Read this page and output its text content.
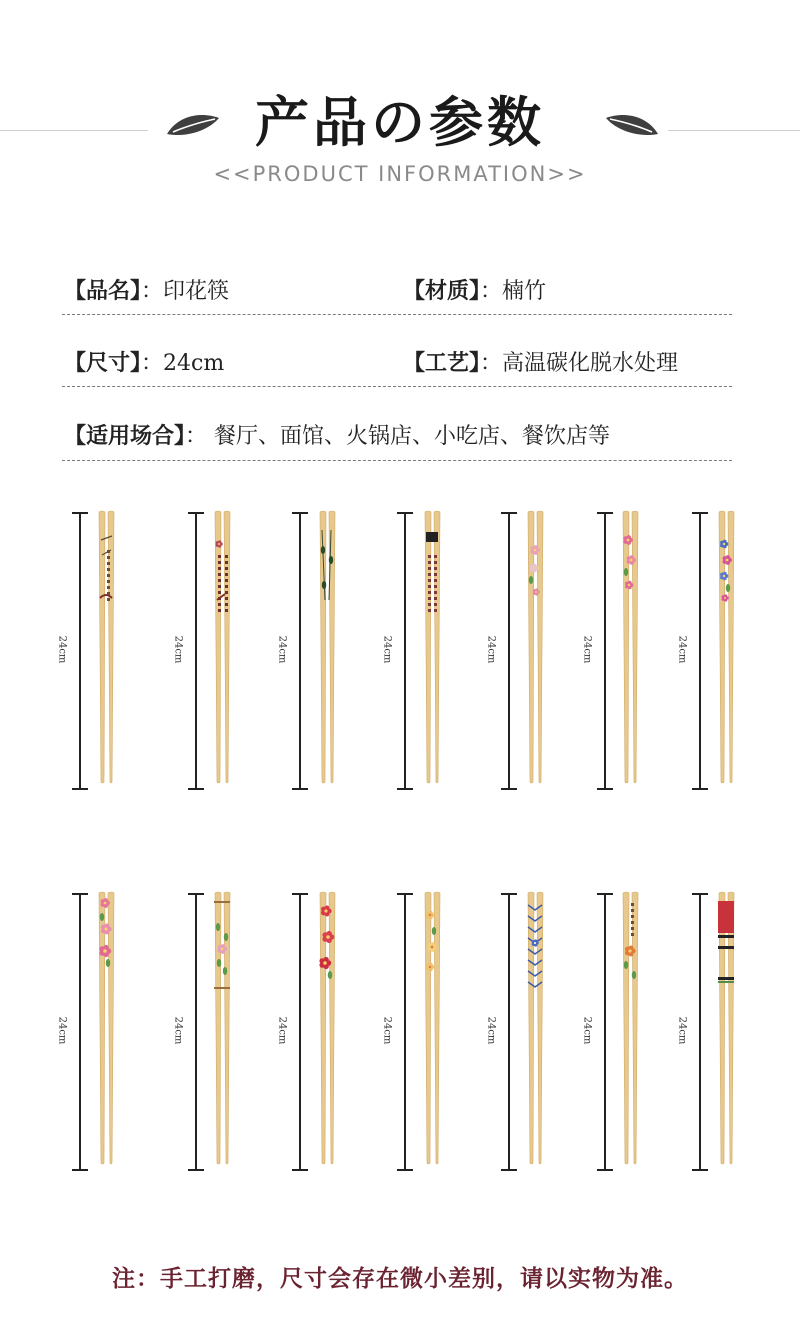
产品の参数
<<PRODUCT INFORMATION>>
【品名】：印花筷	【材质】：楠竹
【尺寸】：24cm	【工艺】：高温碳化脱水处理
【适用场合】： 餐厅、面馆、火锅店、小吃店、餐饮店等
24cm	24cm	24cm	24cm	24cm	24cm	24cm
24cm	24cm	24cm	24cm	24cm	24cm	24cm
注：手工打磨，尺寸会存在微小差别，请以实物为准。
